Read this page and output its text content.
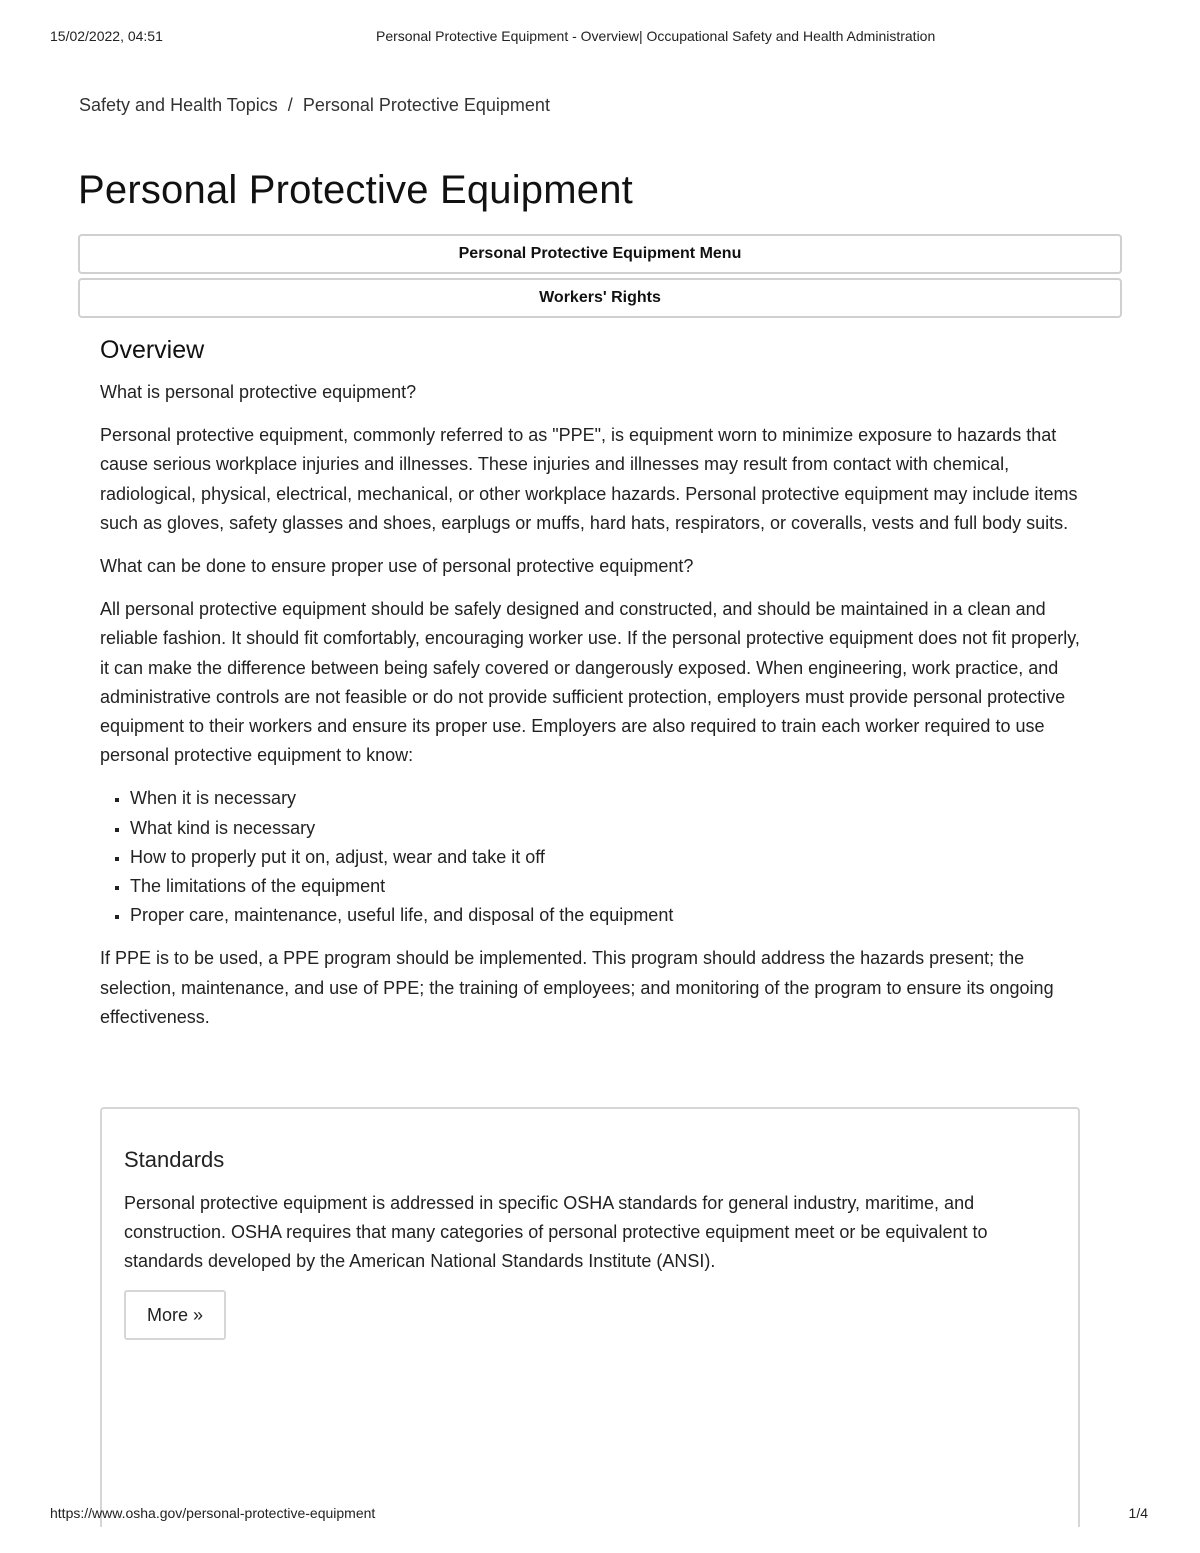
15/02/2022, 04:51	Personal Protective Equipment - Overview| Occupational Safety and Health Administration
Safety and Health Topics / Personal Protective Equipment
Personal Protective Equipment
Personal Protective Equipment Menu
Workers' Rights
Overview

What is personal protective equipment?

Personal protective equipment, commonly referred to as "PPE", is equipment worn to minimize exposure to hazards that cause serious workplace injuries and illnesses. These injuries and illnesses may result from contact with chemical, radiological, physical, electrical, mechanical, or other workplace hazards. Personal protective equipment may include items such as gloves, safety glasses and shoes, earplugs or muffs, hard hats, respirators, or coveralls, vests and full body suits.

What can be done to ensure proper use of personal protective equipment?

All personal protective equipment should be safely designed and constructed, and should be maintained in a clean and reliable fashion. It should fit comfortably, encouraging worker use. If the personal protective equipment does not fit properly, it can make the difference between being safely covered or dangerously exposed. When engineering, work practice, and administrative controls are not feasible or do not provide sufficient protection, employers must provide personal protective equipment to their workers and ensure its proper use. Employers are also required to train each worker required to use personal protective equipment to know:

▪ When it is necessary
▪ What kind is necessary
▪ How to properly put it on, adjust, wear and take it off
▪ The limitations of the equipment
▪ Proper care, maintenance, useful life, and disposal of the equipment

If PPE is to be used, a PPE program should be implemented. This program should address the hazards present; the selection, maintenance, and use of PPE; the training of employees; and monitoring of the program to ensure its ongoing effectiveness.

Standards

Personal protective equipment is addressed in specific OSHA standards for general industry, maritime, and construction. OSHA requires that many categories of personal protective equipment meet or be equivalent to standards developed by the American National Standards Institute (ANSI).

More »
https://www.osha.gov/personal-protective-equipment	1/4
